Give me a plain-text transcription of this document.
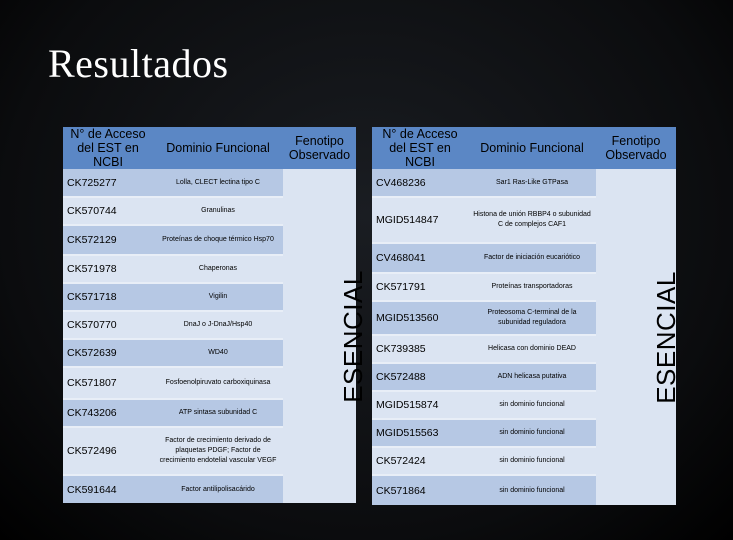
Resultados
N° de Acceso del EST en NCBI	Dominio Funcional	Fenotipo Observado
CK725277	Lolla, CLECT lectina tipo C	ESENCIAL
CK570744	Granulinas	
CK572129	Proteínas de choque térmico Hsp70	
CK571978	Chaperonas	
CK571718	Vigilin	
CK570770	DnaJ o J-DnaJ/Hsp40	
CK572639	WD40	
CK571807	Fosfoenolpiruvato carboxiquinasa	
CK743206	ATP sintasa subunidad C	
CK572496	Factor de crecimiento derivado de plaquetas PDGF; Factor de crecimiento endotelial vascular VEGF	
CK591644	Factor antilipolisacárido	
N° de Acceso del EST en NCBI	Dominio Funcional	Fenotipo Observado
CV468236	Sar1 Ras-Like GTPasa	ESENCIAL
MGID514847	Histona de unión RBBP4 o subunidad C de complejos CAF1	
CV468041	Factor de iniciación eucariótico	
CK571791	Proteínas transportadoras	
MGID513560	Proteosoma C-terminal de la subunidad reguladora	
CK739385	Helicasa con dominio DEAD	
CK572488	ADN helicasa putativa	
MGID515874	sin dominio funcional	
MGID515563	sin dominio funcional	
CK572424	sin dominio funcional	
CK571864	sin dominio funcional	
